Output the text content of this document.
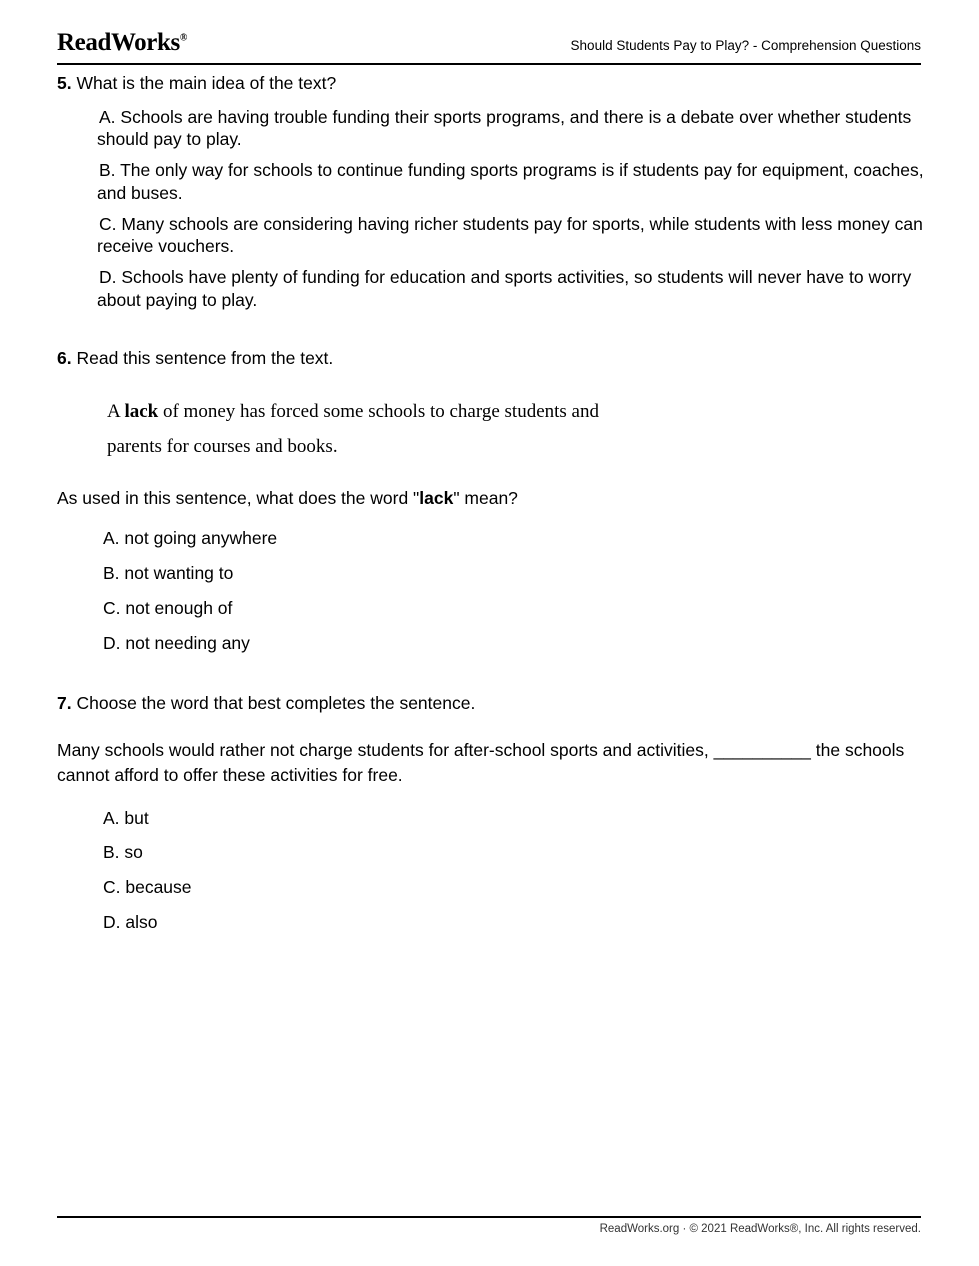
ReadWorks®	Should Students Pay to Play? - Comprehension Questions
5. What is the main idea of the text?
A. Schools are having trouble funding their sports programs, and there is a debate over whether students should pay to play.
B. The only way for schools to continue funding sports programs is if students pay for equipment, coaches, and buses.
C. Many schools are considering having richer students pay for sports, while students with less money can receive vouchers.
D. Schools have plenty of funding for education and sports activities, so students will never have to worry about paying to play.
6. Read this sentence from the text.
A lack of money has forced some schools to charge students and
parents for courses and books.
As used in this sentence, what does the word "lack" mean?
A. not going anywhere
B. not wanting to
C. not enough of
D. not needing any
7. Choose the word that best completes the sentence.
Many schools would rather not charge students for after-school sports and activities, __________ the schools cannot afford to offer these activities for free.
A. but
B. so
C. because
D. also
ReadWorks.org · © 2021 ReadWorks®, Inc. All rights reserved.
